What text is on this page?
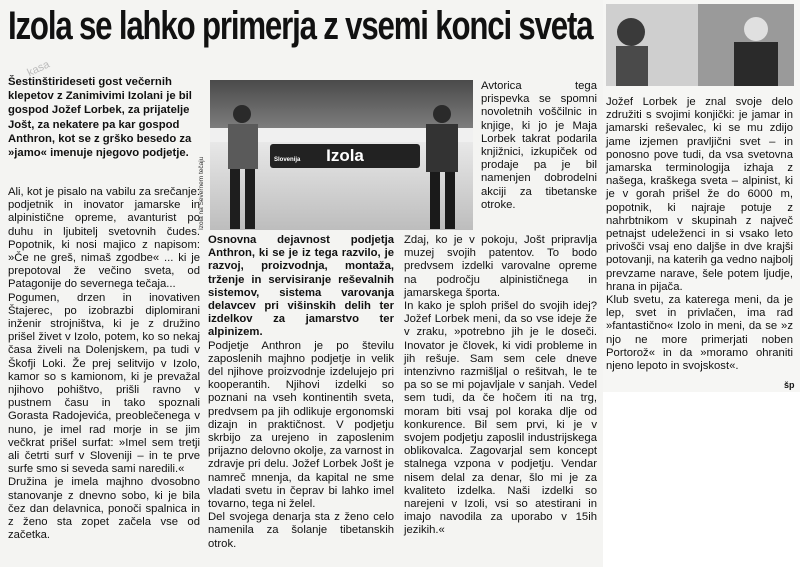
Izola se lahko primerja z vsemi konci sveta
kasa
Šestinštirideseti gost večernih klepetov z Zanimivimi Izolani je bil gospod Jožef Lorbek, za prijatelje Jošt, za nekatere pa kar gospod Anthron, kot se z grško besedo za »jamo« imenuje njegovo podjetje.

Ali, kot je pisalo na vabilu za srečanje: podjetnik in inovator jamarske in alpinistične opreme, avanturist po duhu in ljubitelj svetovnih čudes. Popotnik, ki nosi majico z napisom: »Če ne greš, nimaš zgodbe« ... ki je prepotoval že večino sveta, od Patagonije do severnega tečaja...

Pogumen, drzen in inovativen Štajerec, po izobrazbi diplomirani inženir strojništva, ki je z družino prišel živet v Izolo, potem, ko so nekaj časa živeli na Dolenjskem, pa tudi v Škofji Loki. Že prej selitvijo v Izolo, kamor so s kamionom, ki je prevažal njihovo pohištvo, prišli ravno v pustnem času in tako spoznali Gorasta Radojevića, preoblečenega v nuno, je imel rad morje in se jim večkrat prišel surfat: »Imel sem tretji ali četrti surf v Sloveniji – in te prve surfe smo si seveda sami naredili.«

Družina je imela majhno dvosobno stanovanje z dnevno sobo, ki je bila čez dan delavnica, ponoči spalnica in z ženo sta zopet začela vse od začetka.

Slovenija Izola
Izola na Severnem tečaju

Osnovna dejavnost podjetja Anthron, ki se je iz tega razvilo, je razvoj, proizvodnja, montaža, trženje in servisiranje reševalnih sistemov, sistema varovanja delavcev pri višinskih delih ter izdelkov za jamarstvo ter alpinizem.

Podjetje Anthron je po številu zaposlenih majhno podjetje in velik del njihove proizvodnje izdelujejo pri kooperantih. Njihovi izdelki so poznani na vseh kontinentih sveta, predvsem pa jih odlikuje ergonomski dizajn in praktičnost. V podjetju skrbijo za urejeno in zaposlenim prijazno delovno okolje, za varnost in zdravje pri delu. Jožef Lorbek Jošt je namreč mnenja, da kapital ne sme vladati svetu in čeprav bi lahko imel tovarno, tega ni želel.

Del svojega denarja sta z ženo celo namenila za šolanje tibetanskih otrok.

Avtorica tega prispevka se spomni novoletnih voščilnic in knjige, ki jo je Maja Lorbek takrat podarila knjižnici, izkupiček od prodaje pa je bil namenjen dobrodelni akciji za tibetanske otroke.

Zdaj, ko je v pokoju, Jošt pripravlja muzej svojih patentov. To bodo predvsem izdelki varovalne opreme na področju alpinističnega in jamarskega športa.

In kako je sploh prišel do svojih idej? Jožef Lorbek meni, da so vse ideje že v zraku, »potrebno jih je le doseči. Inovator je človek, ki vidi probleme in jih rešuje. Sam sem cele dneve intenzivno razmišljal o rešitvah, le te pa so se mi pojavljale v sanjah. Vedel sem tudi, da če hočem iti na trg, moram biti vsaj pol koraka dlje od konkurence. Bil sem prvi, ki je v svojem podjetju zaposlil industrijskega oblikovalca. Zagovarjal sem koncept stalnega vzpona v podjetju. Vendar nisem delal za denar, šlo mi je za kvaliteto izdelka. Naši izdelki so narejeni v Izoli, vsi so atestirani in imajo navodila za uporabo v 15ih jezikih.«

Jožef Lorbek je znal svoje delo združiti s svojimi konjički: je jamar in jamarski reševalec, ki se mu zdijo jame izjemen pravljični svet – in ponosno pove tudi, da vsa svetovna jamarska terminologija izhaja z našega, kraškega sveta – alpinist, ki je v gorah prišel že do 6000 m, popotnik, ki najraje potuje z nahrbtnikom v skupinah z največ petnajst udeleženci in si vsako leto privošči vsaj eno daljše in dve krajši potovanji, na katerih ga vedno najbolj prevzame narave, šele potem ljudje, hrana in pijača.

Klub svetu, za katerega meni, da je lep, svet in privlačen, ima rad »fantastično« Izolo in meni, da se »z njo ne more primerjati noben Portorož« in da »moramo ohraniti njeno lepoto in svojskost«.

šp
